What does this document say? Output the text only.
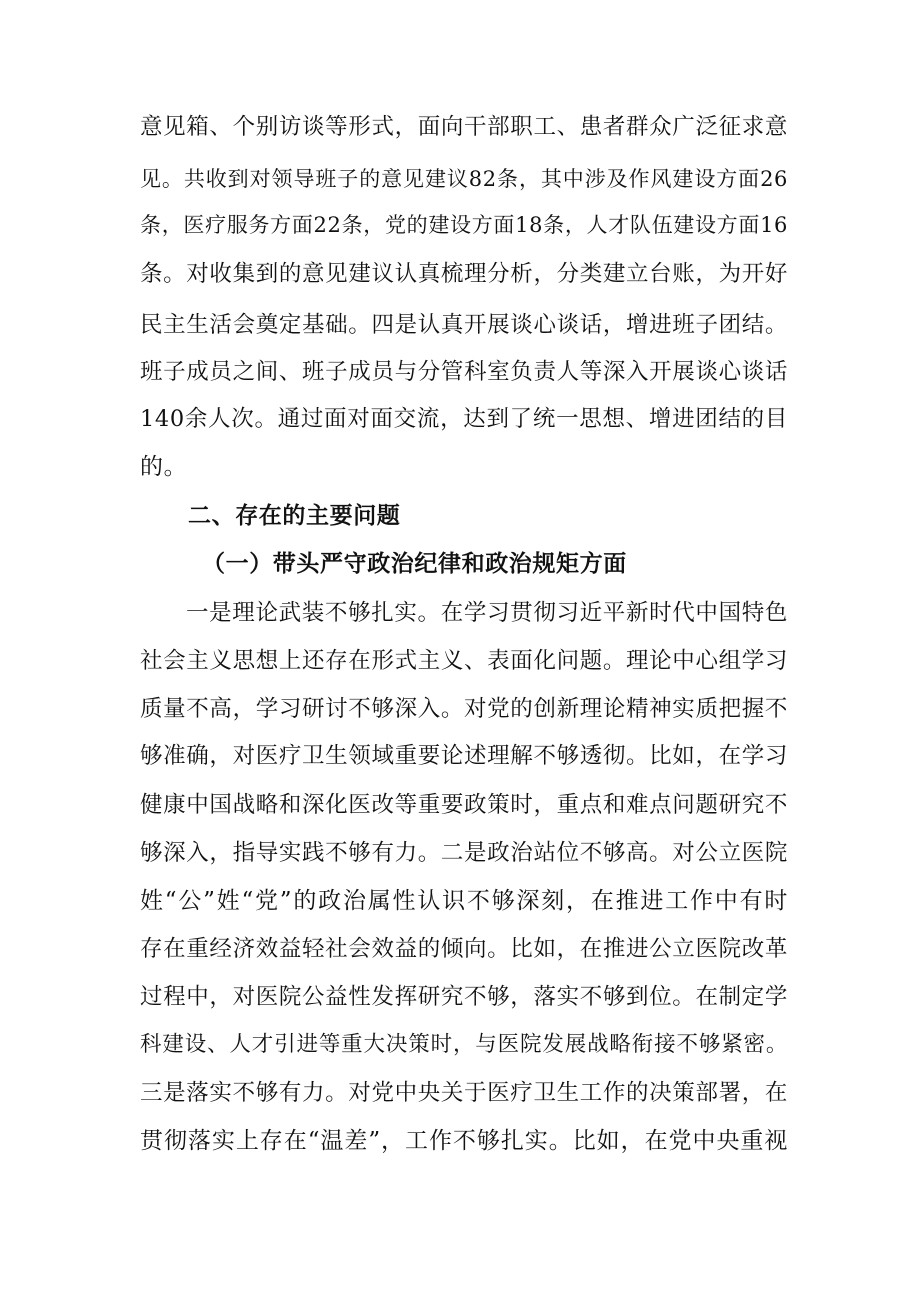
意见箱、个别访谈等形式，面向干部职工、患者群众广泛征求意
见。共收到对领导班子的意见建议82条，其中涉及作风建设方面26
条，医疗服务方面22条，党的建设方面18条，人才队伍建设方面16
条。对收集到的意见建议认真梳理分析，分类建立台账，为开好
民主生活会奠定基础。四是认真开展谈心谈话，增进班子团结。
班子成员之间、班子成员与分管科室负责人等深入开展谈心谈话
140余人次。通过面对面交流，达到了统一思想、增进团结的目
的。
二、存在的主要问题
（一）带头严守政治纪律和政治规矩方面
一是理论武装不够扎实。在学习贯彻习近平新时代中国特色
社会主义思想上还存在形式主义、表面化问题。理论中心组学习
质量不高，学习研讨不够深入。对党的创新理论精神实质把握不
够准确，对医疗卫生领域重要论述理解不够透彻。比如，在学习
健康中国战略和深化医改等重要政策时，重点和难点问题研究不
够深入，指导实践不够有力。二是政治站位不够高。对公立医院
姓“公”姓“党”的政治属性认识不够深刻，在推进工作中有时
存在重经济效益轻社会效益的倾向。比如，在推进公立医院改革
过程中，对医院公益性发挥研究不够，落实不够到位。在制定学
科建设、人才引进等重大决策时，与医院发展战略衔接不够紧密。
三是落实不够有力。对党中央关于医疗卫生工作的决策部署，在
贯彻落实上存在“温差”，工作不够扎实。比如，在党中央重视
